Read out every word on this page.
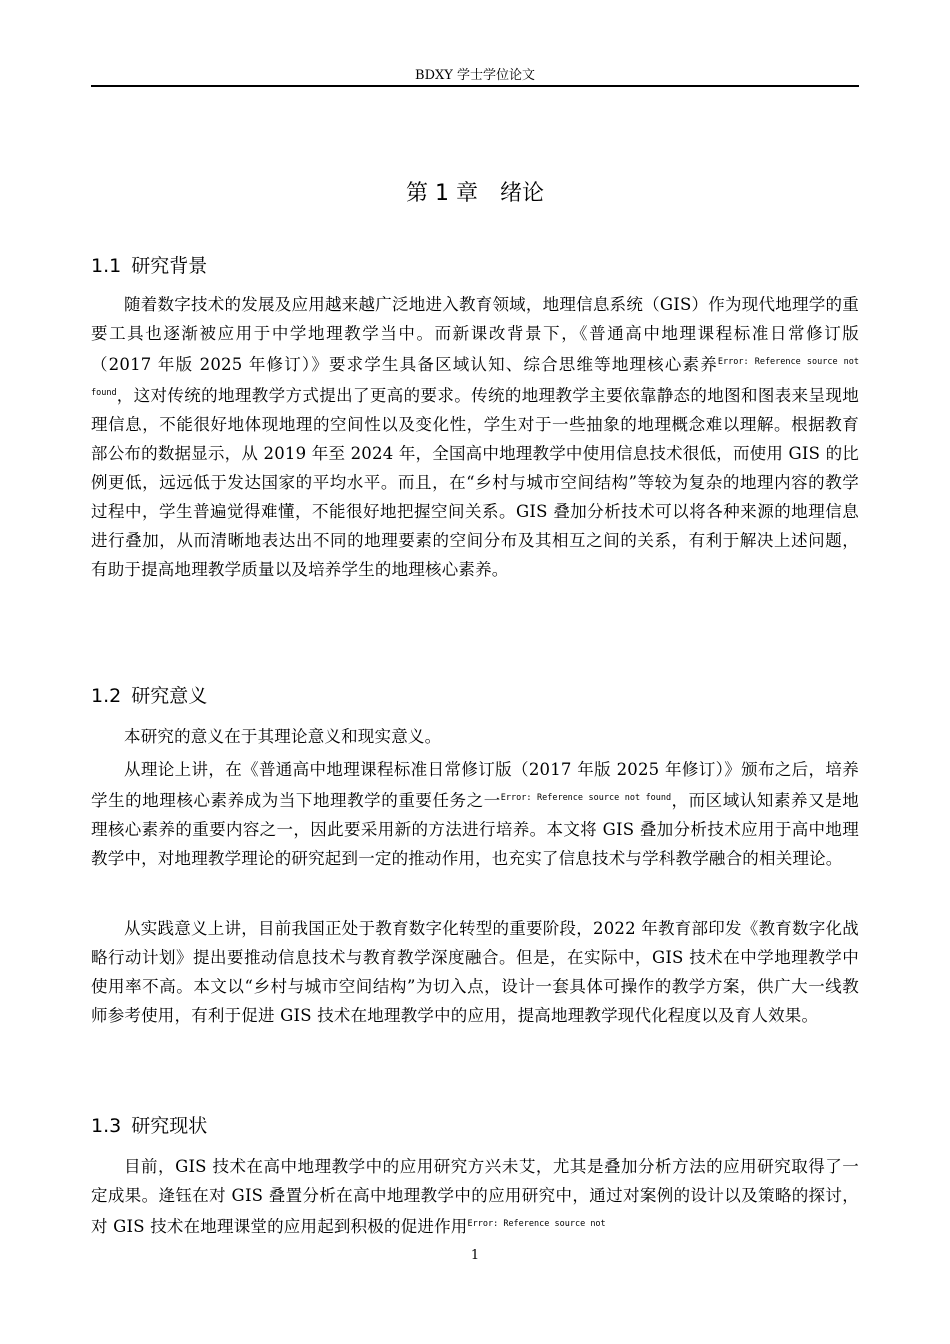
BDXY 学士学位论文
第 1 章 绪论
1.1 研究背景
随着数字技术的发展及应用越来越广泛地进入教育领域，地理信息系统（GIS）作为现代地理学的重要工具也逐渐被应用于中学地理教学当中。而新课改背景下，《普通高中地理课程标准日常修订版（2017 年版 2025 年修订）》要求学生具备区域认知、综合思维等地理核心素养$^{Error: Reference source not found}$，这对传统的地理教学方式提出了更高的要求。传统的地理教学主要依靠静态的地图和图表来呈现地理信息，不能很好地体现地理的空间性以及变化性，学生对于一些抽象的地理概念难以理解。根据教育部公布的数据显示，从 2019 年至 2024 年，全国高中地理教学中使用信息技术很低，而使用 GIS 的比例更低，远远低于发达国家的平均水平。而且，在“乡村与城市空间结构”等较为复杂的地理内容的教学过程中，学生普遍觉得难懂，不能很好地把握空间关系。GIS 叠加分析技术可以将各种来源的地理信息进行叠加，从而清晰地表达出不同的地理要素的空间分布及其相互之间的关系，有利于解决上述问题，有助于提高地理教学质量以及培养学生的地理核心素养。
1.2 研究意义
本研究的意义在于其理论意义和现实意义。
从理论上讲，在《普通高中地理课程标准日常修订版（2017 年版 2025 年修订）》颁布之后，培养学生的地理核心素养成为当下地理教学的重要任务之一$^{Error: Reference source not found}$，而区域认知素养又是地理核心素养的重要内容之一，因此要采用新的方法进行培养。本文将 GIS 叠加分析技术应用于高中地理教学中，对地理教学理论的研究起到一定的推动作用，也充实了信息技术与学科教学融合的相关理论。
从实践意义上讲，目前我国正处于教育数字化转型的重要阶段，2022 年教育部印发《教育数字化战略行动计划》提出要推动信息技术与教育教学深度融合。但是，在实际中，GIS 技术在中学地理教学中使用率不高。本文以“乡村与城市空间结构”为切入点，设计一套具体可操作的教学方案，供广大一线教师参考使用，有利于促进 GIS 技术在地理教学中的应用，提高地理教学现代化程度以及育人效果。
1.3 研究现状
目前，GIS 技术在高中地理教学中的应用研究方兴未艾，尤其是叠加分析方法的应用研究取得了一定成果。逄钰在对 GIS 叠置分析在高中地理教学中的应用研究中，通过对案例的设计以及策略的探讨，对 GIS 技术在地理课堂的应用起到积极的促进作用$^{Error: Reference source not}$
1
